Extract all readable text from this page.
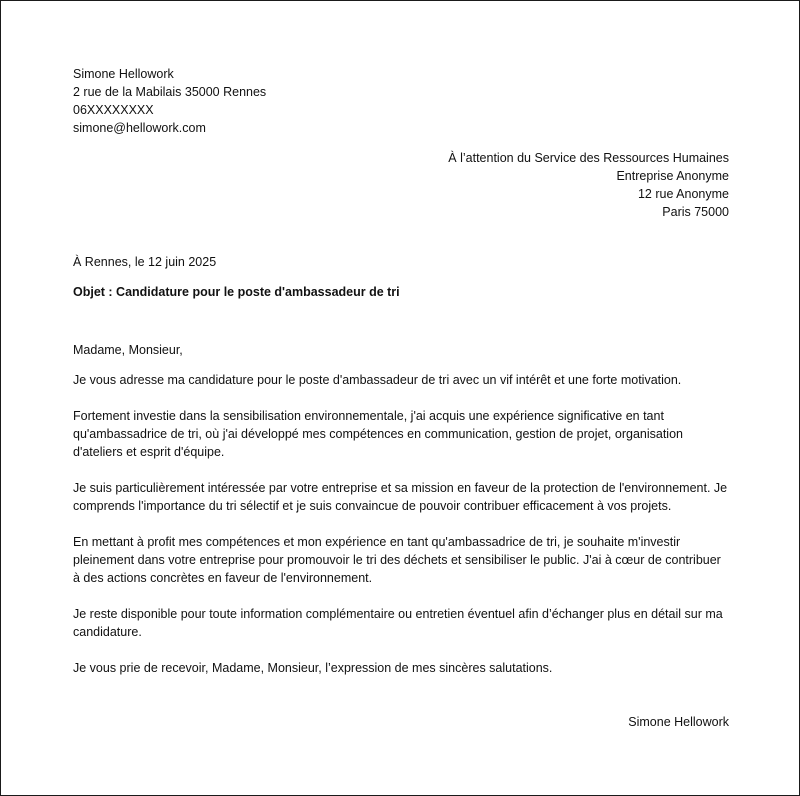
Simone Hellowork
2 rue de la Mabilais 35000 Rennes
06XXXXXXXX
simone@hellowork.com
À l’attention du Service des Ressources Humaines
Entreprise Anonyme
12 rue Anonyme
Paris 75000
À Rennes, le 12 juin 2025
Objet : Candidature pour le poste d'ambassadeur de tri
Madame, Monsieur,

Je vous adresse ma candidature pour le poste d'ambassadeur de tri avec un vif intérêt et une forte motivation.

Fortement investie dans la sensibilisation environnementale, j'ai acquis une expérience significative en tant qu'ambassadrice de tri, où j'ai développé mes compétences en communication, gestion de projet, organisation d'ateliers et esprit d'équipe.

Je suis particulièrement intéressée par votre entreprise et sa mission en faveur de la protection de l'environnement. Je comprends l'importance du tri sélectif et je suis convaincue de pouvoir contribuer efficacement à vos projets.

En mettant à profit mes compétences et mon expérience en tant qu'ambassadrice de tri, je souhaite m'investir pleinement dans votre entreprise pour promouvoir le tri des déchets et sensibiliser le public. J'ai à cœur de contribuer à des actions concrètes en faveur de l'environnement.

Je reste disponible pour toute information complémentaire ou entretien éventuel afin d’échanger plus en détail sur ma candidature.

Je vous prie de recevoir, Madame, Monsieur, l’expression de mes sincères salutations.

Simone Hellowork
